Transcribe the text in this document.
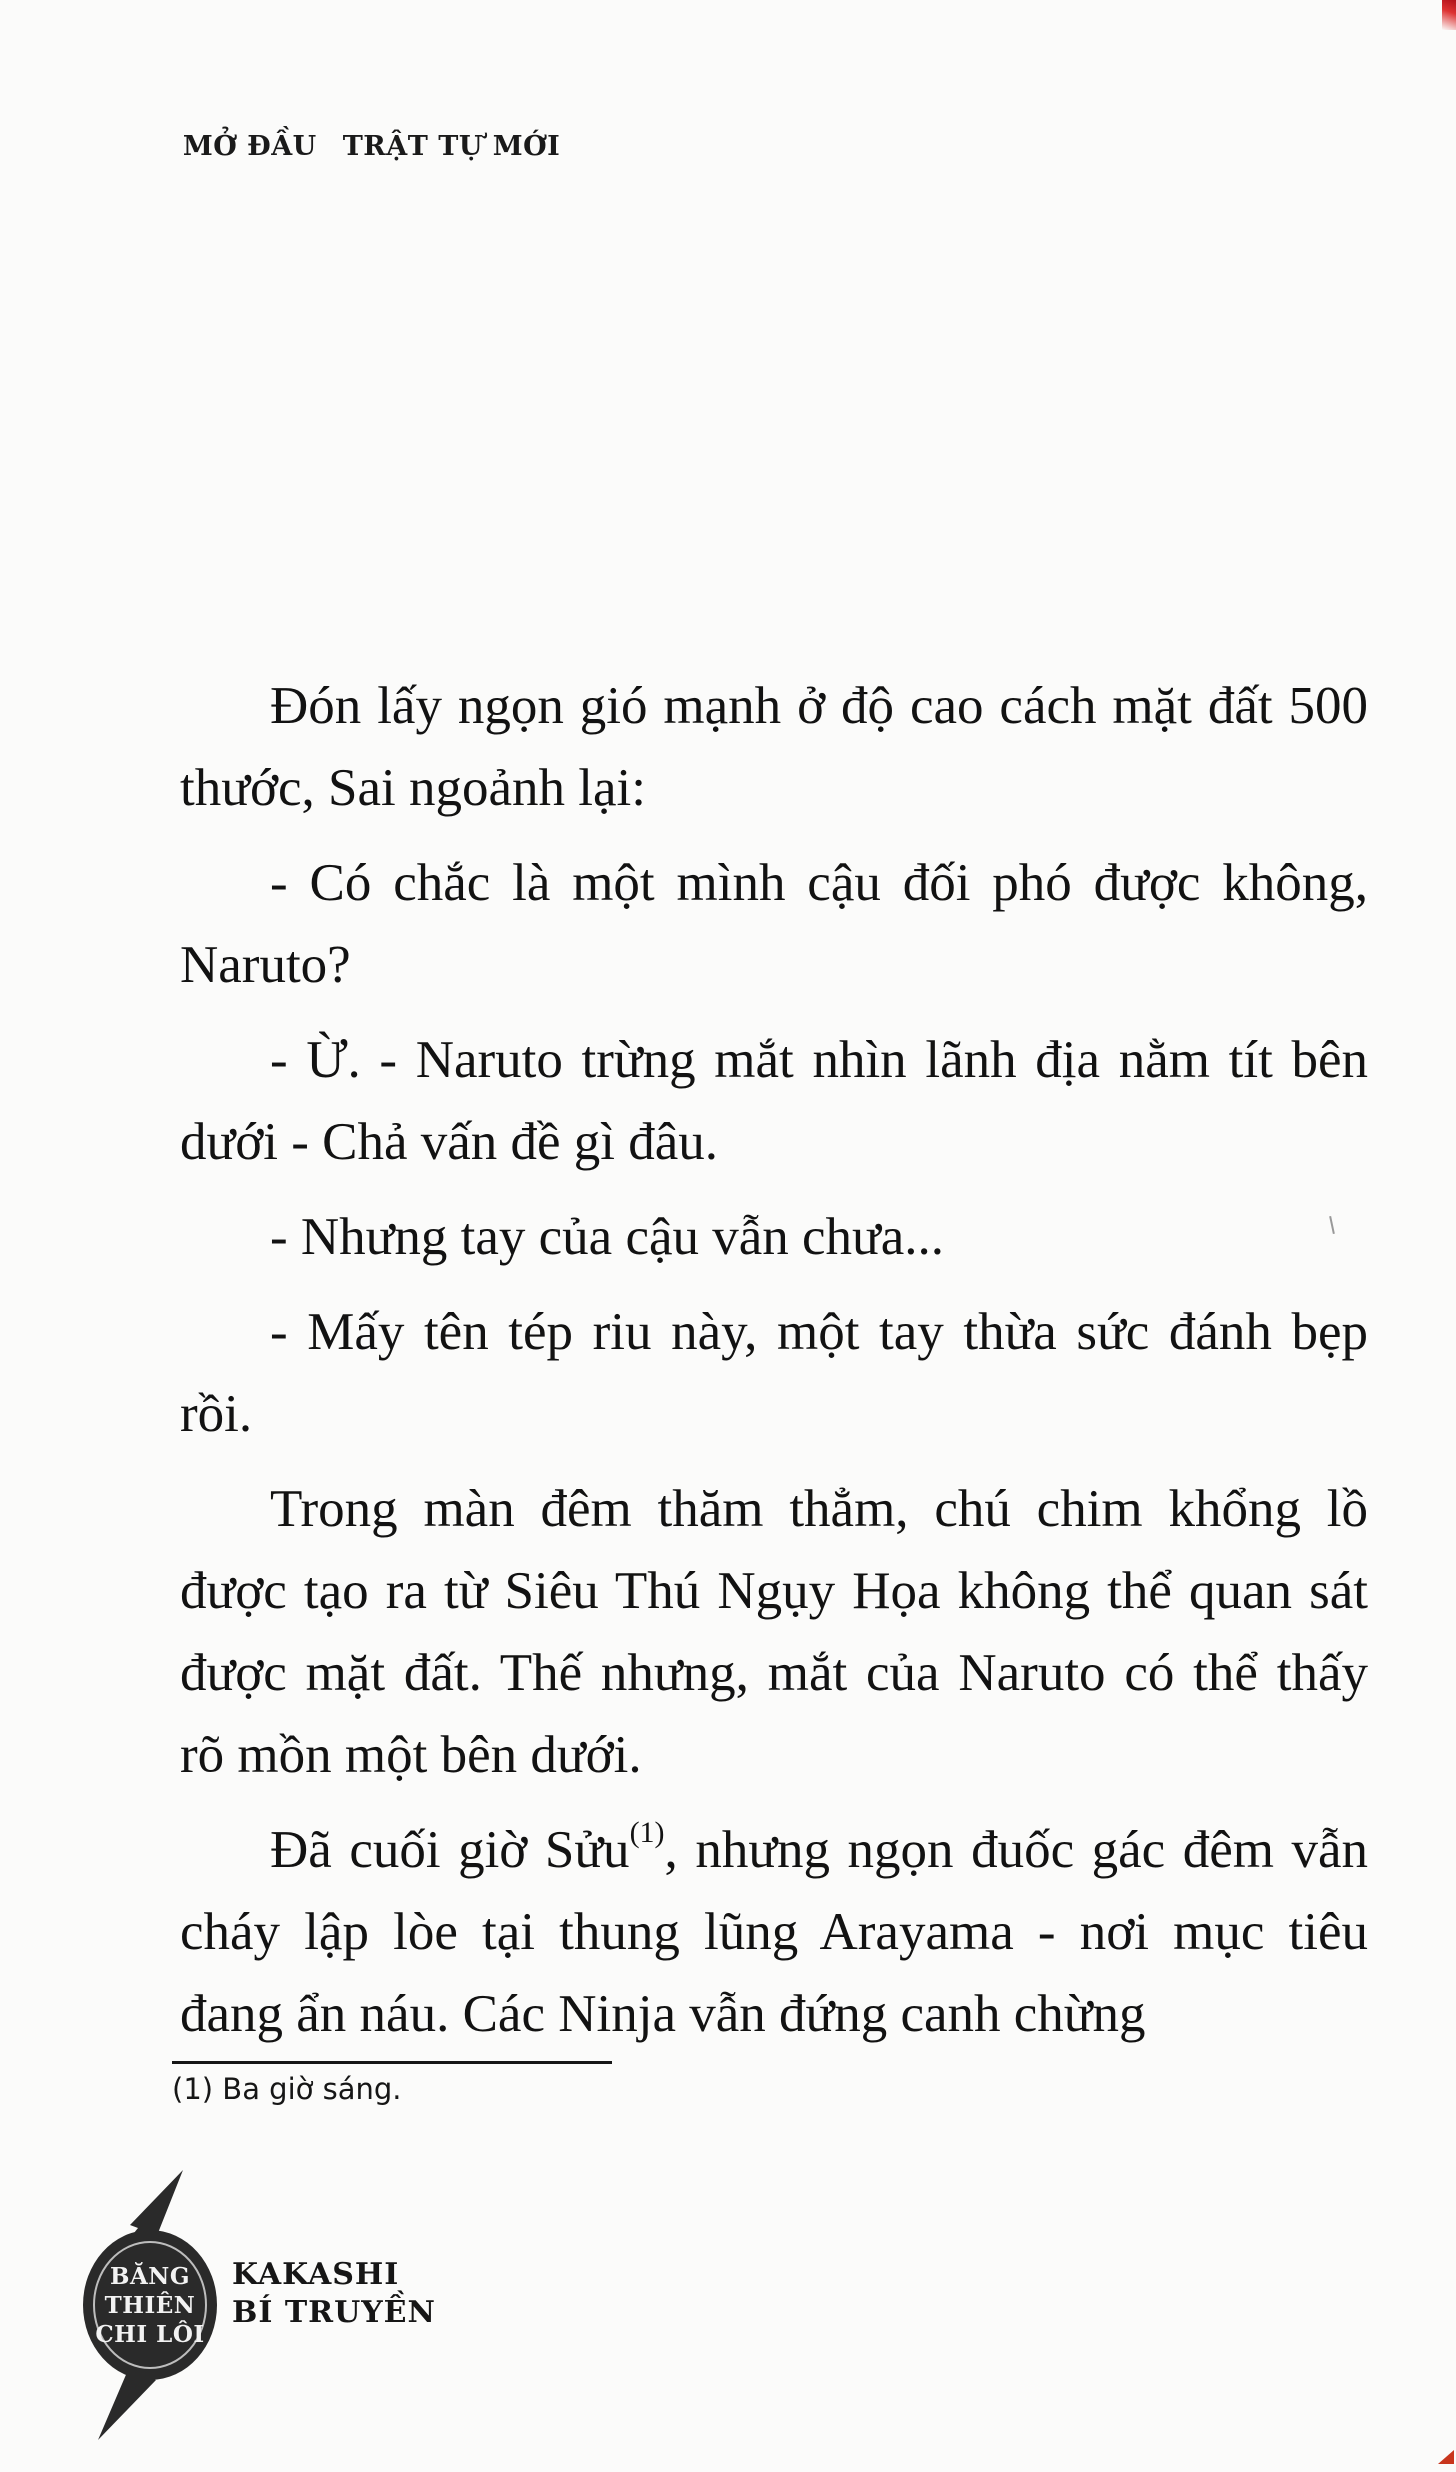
MỞ ĐẦU TRẬT TỰ MỚI

Đón lấy ngọn gió mạnh ở độ cao cách mặt đất 500 thước, Sai ngoảnh lại:

- Có chắc là một mình cậu đối phó được không, Naruto?

- Ừ. - Naruto trừng mắt nhìn lãnh địa nằm tít bên dưới - Chả vấn đề gì đâu.

- Nhưng tay của cậu vẫn chưa...

- Mấy tên tép riu này, một tay thừa sức đánh bẹp rồi.

Trong màn đêm thăm thẳm, chú chim khổng lồ được tạo ra từ Siêu Thú Ngụy Họa không thể quan sát được mặt đất. Thế nhưng, mắt của Naruto có thể thấy rõ mồn một bên dưới.

Đã cuối giờ Sửu$^{(1)}$, nhưng ngọn đuốc gác đêm vẫn cháy lập lòe tại thung lũng Arayama - nơi mục tiêu đang ẩn náu. Các Ninja vẫn đứng canh chừng

(1) Ba giờ sáng.
BĂNG
THIÊN
CHI LÔI
KAKASHI
BÍ TRUYỀN
